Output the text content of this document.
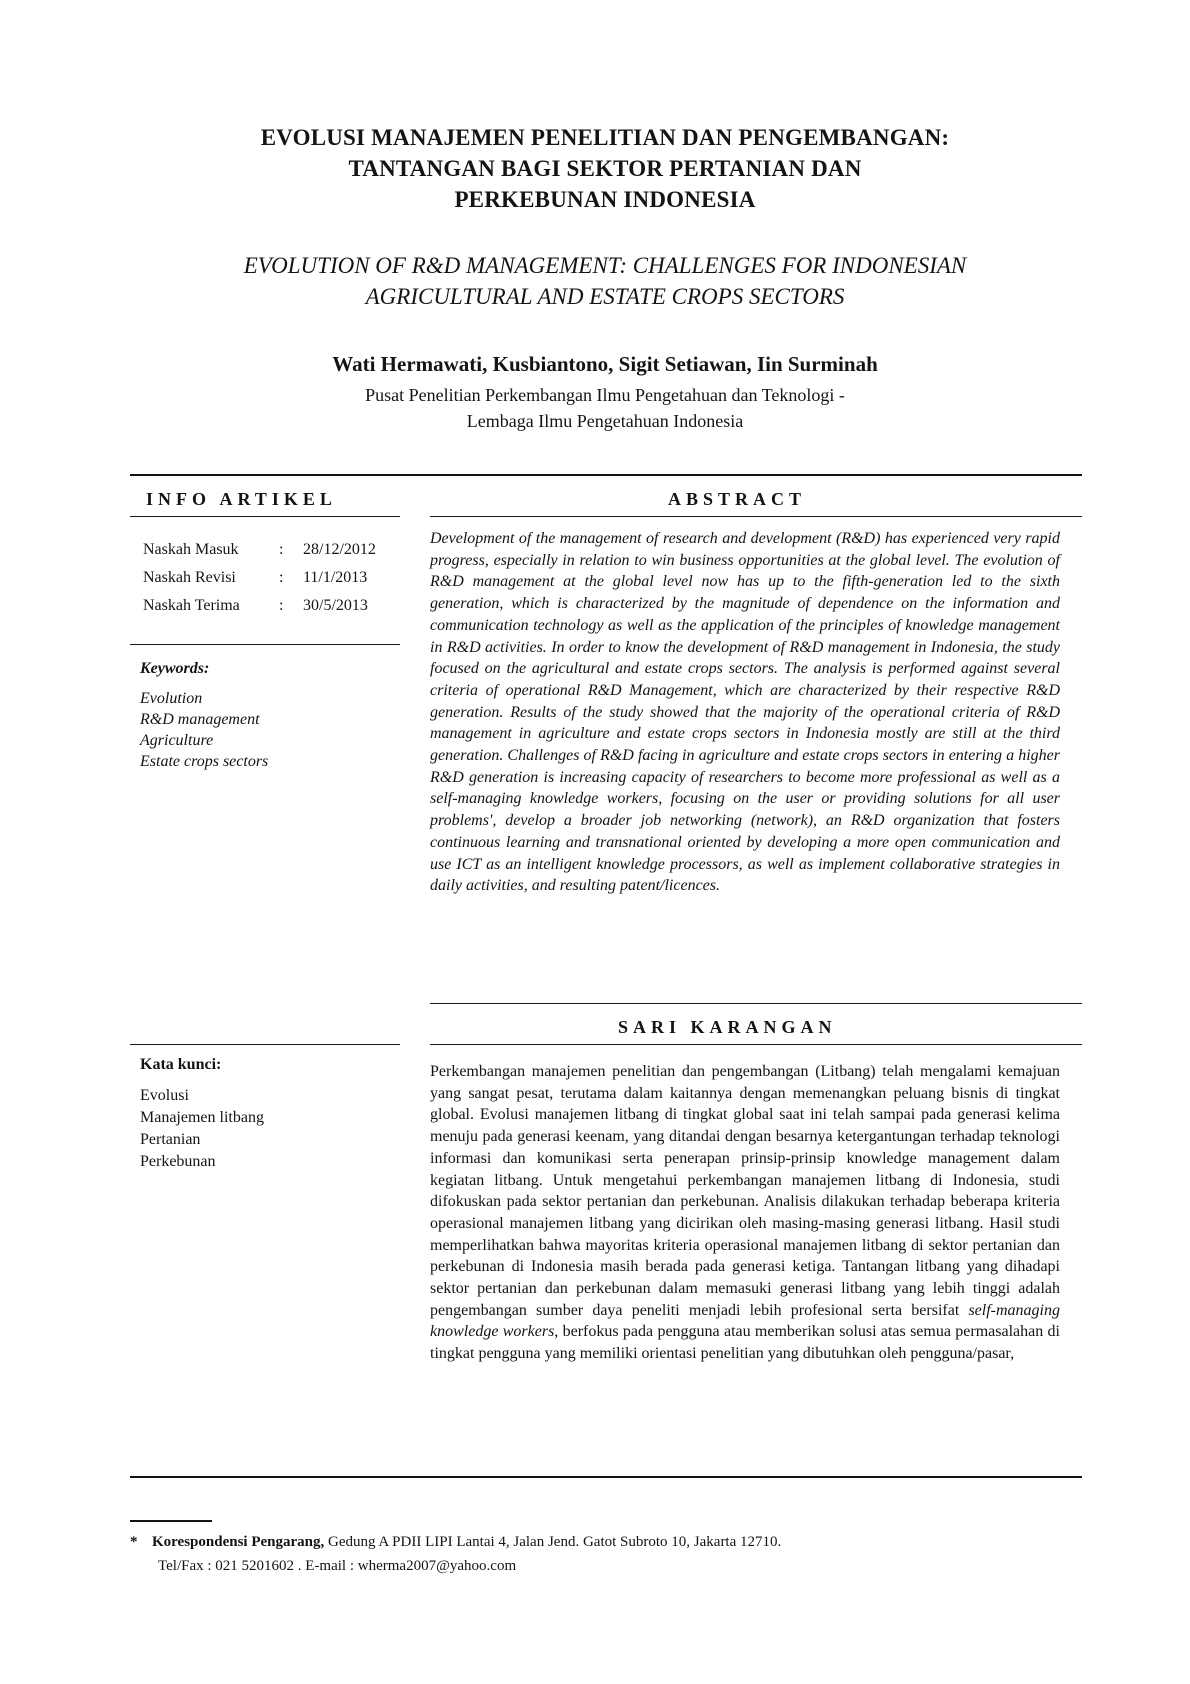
EVOLUSI MANAJEMEN PENELITIAN DAN PENGEMBANGAN:
TANTANGAN BAGI SEKTOR PERTANIAN DAN
PERKEBUNAN INDONESIA
EVOLUTION OF R&D MANAGEMENT: CHALLENGES FOR INDONESIAN
AGRICULTURAL AND ESTATE CROPS SECTORS
Wati Hermawati, Kusbiantono, Sigit Setiawan, Iin Surminah
Pusat Penelitian Perkembangan Ilmu Pengetahuan dan Teknologi -
Lembaga Ilmu Pengetahuan Indonesia
INFO ARTIKEL	ABSTRACT
Naskah Masuk	:	28/12/2012
Naskah Revisi	:	11/1/2013
Naskah Terima	:	30/5/2013
Keywords:
Evolution
R&D management
Agriculture
Estate crops sectors
Development of the management of research and development (R&D) has experienced very rapid progress, especially in relation to win business opportunities at the global level. The evolution of R&D management at the global level now has up to the fifth-generation led to the sixth generation, which is characterized by the magnitude of dependence on the information and communication technology as well as the application of the principles of knowledge management in R&D activities. In order to know the development of R&D management in Indonesia, the study focused on the agricultural and estate crops sectors. The analysis is performed against several criteria of operational R&D Management, which are characterized by their respective R&D generation. Results of the study showed that the majority of the operational criteria of R&D management in agriculture and estate crops sectors in Indonesia mostly are still at the third generation. Challenges of R&D facing in agriculture and estate crops sectors in entering a higher R&D generation is increasing capacity of researchers to become more professional as well as a self-managing knowledge workers, focusing on the user or providing solutions for all user problems', develop a broader job networking (network), an R&D organization that fosters continuous learning and transnational oriented by developing a more open communication and use ICT as an intelligent knowledge processors, as well as implement collaborative strategies in daily activities, and resulting patent/licences.
SARI KARANGAN
Kata kunci:
Evolusi
Manajemen litbang
Pertanian
Perkebunan
Perkembangan manajemen penelitian dan pengembangan (Litbang) telah mengalami kemajuan yang sangat pesat, terutama dalam kaitannya dengan memenangkan peluang bisnis di tingkat global. Evolusi manajemen litbang di tingkat global saat ini telah sampai pada generasi kelima menuju pada generasi keenam, yang ditandai dengan besarnya ketergantungan terhadap teknologi informasi dan komunikasi serta penerapan prinsip-prinsip knowledge management dalam kegiatan litbang. Untuk mengetahui perkembangan manajemen litbang di Indonesia, studi difokuskan pada sektor pertanian dan perkebunan. Analisis dilakukan terhadap beberapa kriteria operasional manajemen litbang yang dicirikan oleh masing-masing generasi litbang. Hasil studi memperlihatkan bahwa mayoritas kriteria operasional manajemen litbang di sektor pertanian dan perkebunan di Indonesia masih berada pada generasi ketiga. Tantangan litbang yang dihadapi sektor pertanian dan perkebunan dalam memasuki generasi litbang yang lebih tinggi adalah pengembangan sumber daya peneliti menjadi lebih profesional serta bersifat self-managing knowledge workers, berfokus pada pengguna atau memberikan solusi atas semua permasalahan di tingkat pengguna yang memiliki orientasi penelitian yang dibutuhkan oleh pengguna/pasar,
* Korespondensi Pengarang, Gedung A PDII LIPI Lantai 4, Jalan Jend. Gatot Subroto 10, Jakarta 12710.
Tel/Fax : 021 5201602 . E-mail : wherma2007@yahoo.com
